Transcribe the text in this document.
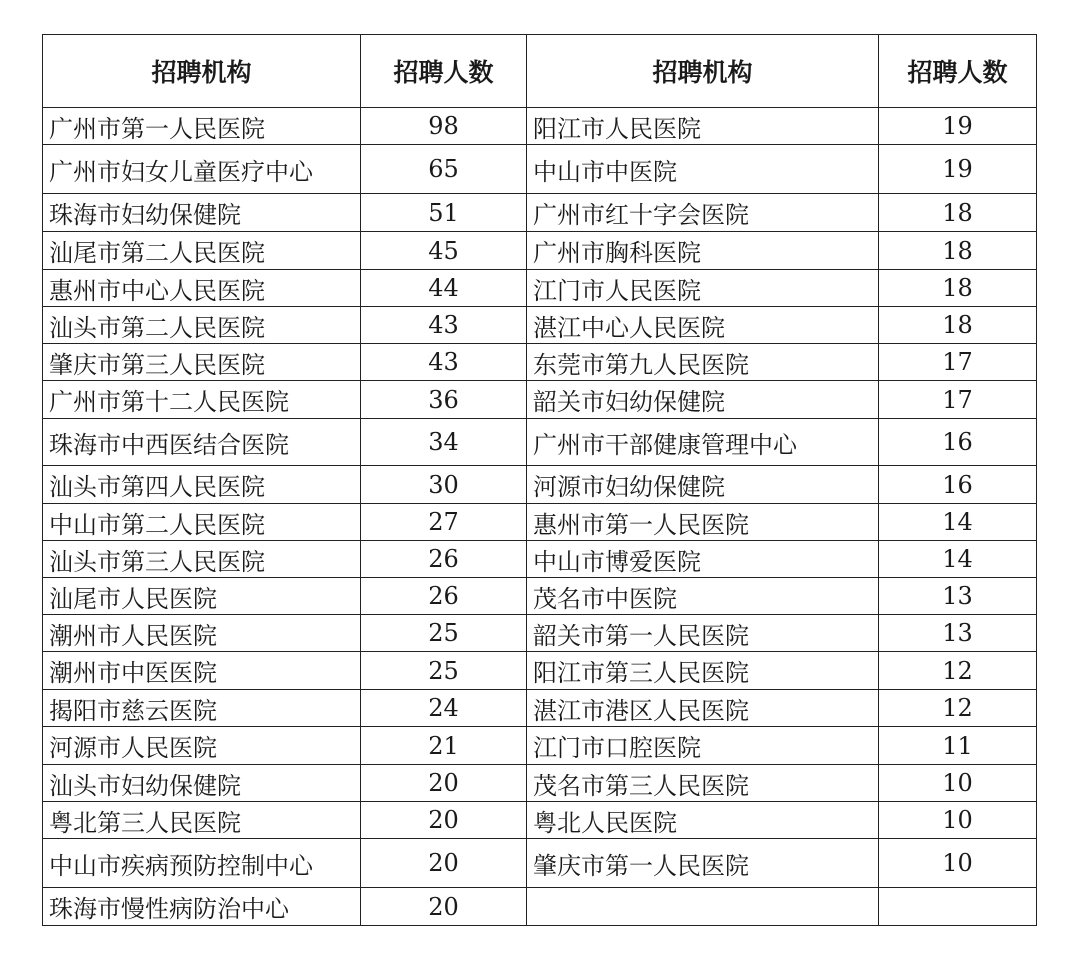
招聘机构	招聘人数	招聘机构	招聘人数
广州市第一人民医院	98	阳江市人民医院	19
广州市妇女儿童医疗中心	65	中山市中医院	19
珠海市妇幼保健院	51	广州市红十字会医院	18
汕尾市第二人民医院	45	广州市胸科医院	18
惠州市中心人民医院	44	江门市人民医院	18
汕头市第二人民医院	43	湛江中心人民医院	18
肇庆市第三人民医院	43	东莞市第九人民医院	17
广州市第十二人民医院	36	韶关市妇幼保健院	17
珠海市中西医结合医院	34	广州市干部健康管理中心	16
汕头市第四人民医院	30	河源市妇幼保健院	16
中山市第二人民医院	27	惠州市第一人民医院	14
汕头市第三人民医院	26	中山市博爱医院	14
汕尾市人民医院	26	茂名市中医院	13
潮州市人民医院	25	韶关市第一人民医院	13
潮州市中医医院	25	阳江市第三人民医院	12
揭阳市慈云医院	24	湛江市港区人民医院	12
河源市人民医院	21	江门市口腔医院	11
汕头市妇幼保健院	20	茂名市第三人民医院	10
粤北第三人民医院	20	粤北人民医院	10
中山市疾病预防控制中心	20	肇庆市第一人民医院	10
珠海市慢性病防治中心	20		
